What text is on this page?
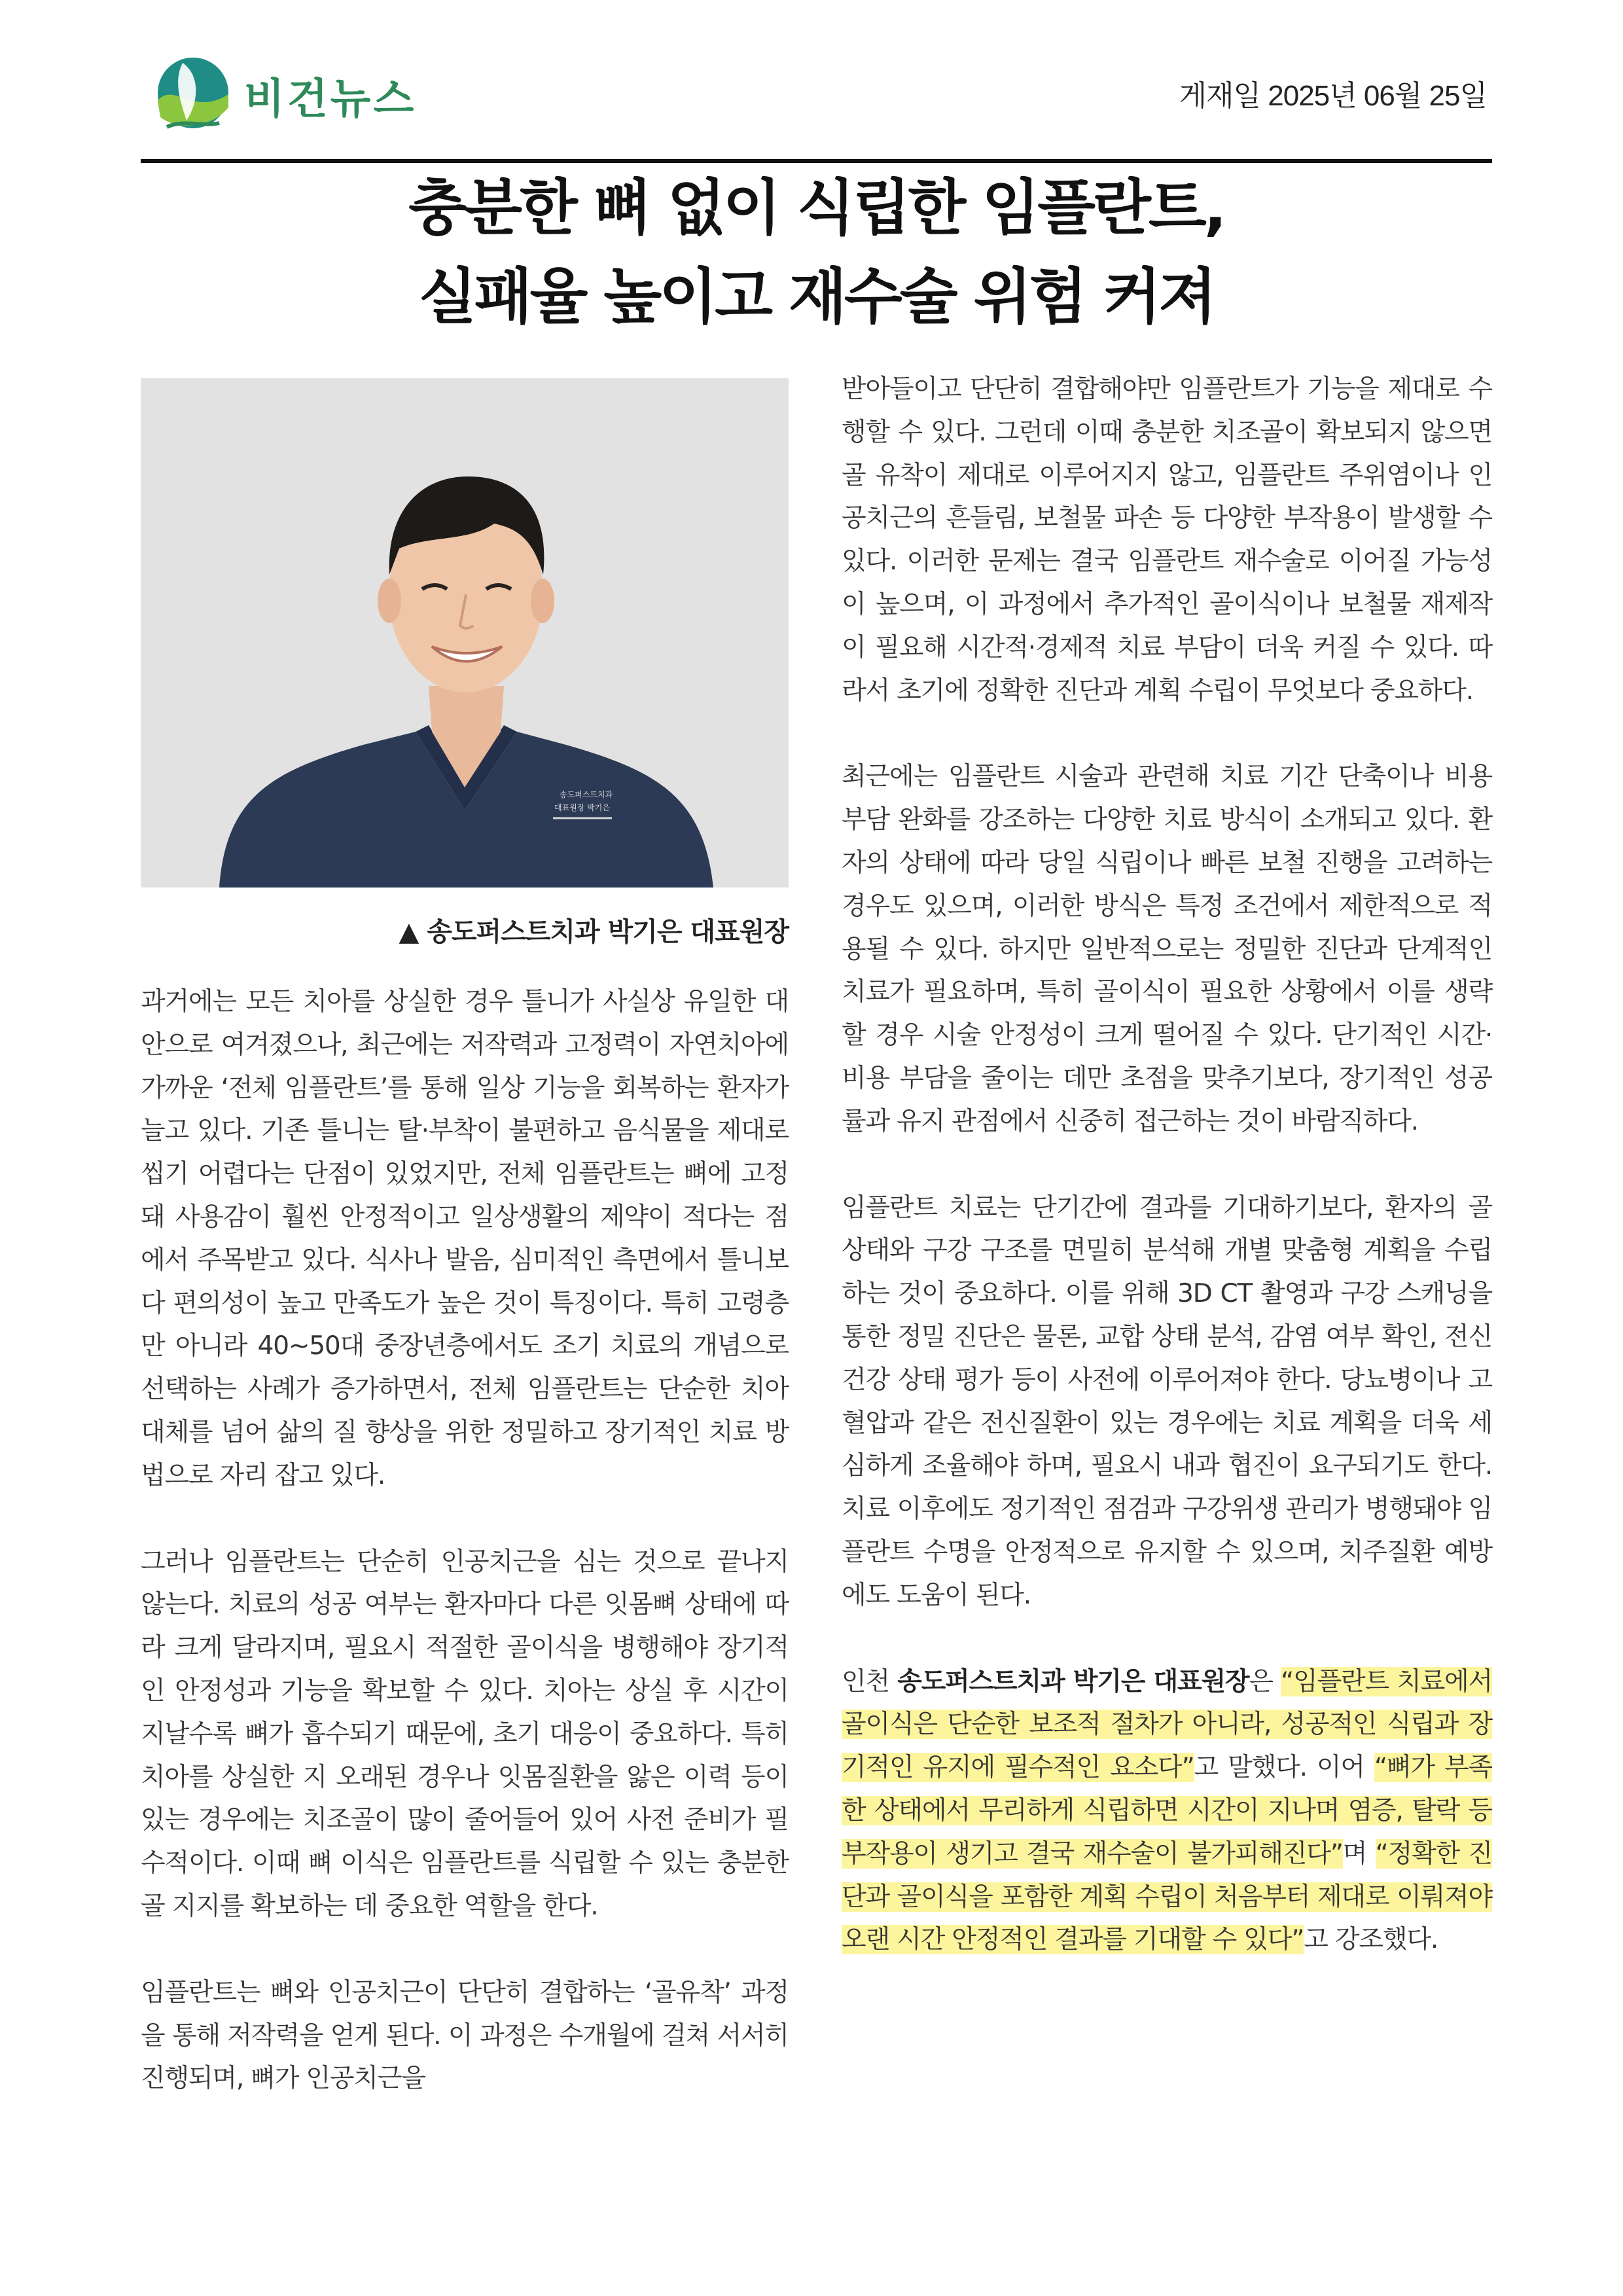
비건뉴스	게재일 2025년 06월 25일
충분한 뼈 없이 식립한 임플란트,
실패율 높이고 재수술 위험 커져
송도퍼스트치과
대표원장 박기은
▲ 송도퍼스트치과 박기은 대표원장

과거에는 모든 치아를 상실한 경우 틀니가 사실상 유일한 대안으로 여겨졌으나, 최근에는 저작력과 고정력이 자연치아에 가까운 ‘전체 임플란트’를 통해 일상 기능을 회복하는 환자가 늘고 있다. 기존 틀니는 탈·부착이 불편하고 음식물을 제대로 씹기 어렵다는 단점이 있었지만, 전체 임플란트는 뼈에 고정돼 사용감이 훨씬 안정적이고 일상생활의 제약이 적다는 점에서 주목받고 있다. 식사나 발음, 심미적인 측면에서 틀니보다 편의성이 높고 만족도가 높은 것이 특징이다. 특히 고령층만 아니라 40~50대 중장년층에서도 조기 치료의 개념으로 선택하는 사례가 증가하면서, 전체 임플란트는 단순한 치아 대체를 넘어 삶의 질 향상을 위한 정밀하고 장기적인 치료 방법으로 자리 잡고 있다.

그러나 임플란트는 단순히 인공치근을 심는 것으로 끝나지 않는다. 치료의 성공 여부는 환자마다 다른 잇몸뼈 상태에 따라 크게 달라지며, 필요시 적절한 골이식을 병행해야 장기적인 안정성과 기능을 확보할 수 있다. 치아는 상실 후 시간이 지날수록 뼈가 흡수되기 때문에, 초기 대응이 중요하다. 특히 치아를 상실한 지 오래된 경우나 잇몸질환을 앓은 이력 등이 있는 경우에는 치조골이 많이 줄어들어 있어 사전 준비가 필수적이다. 이때 뼈 이식은 임플란트를 식립할 수 있는 충분한 골 지지를 확보하는 데 중요한 역할을 한다.

임플란트는 뼈와 인공치근이 단단히 결합하는 ‘골유착’ 과정을 통해 저작력을 얻게 된다. 이 과정은 수개월에 걸쳐 서서히 진행되며, 뼈가 인공치근을

받아들이고 단단히 결합해야만 임플란트가 기능을 제대로 수행할 수 있다. 그런데 이때 충분한 치조골이 확보되지 않으면 골 유착이 제대로 이루어지지 않고, 임플란트 주위염이나 인공치근의 흔들림, 보철물 파손 등 다양한 부작용이 발생할 수 있다. 이러한 문제는 결국 임플란트 재수술로 이어질 가능성이 높으며, 이 과정에서 추가적인 골이식이나 보철물 재제작이 필요해 시간적·경제적 치료 부담이 더욱 커질 수 있다. 따라서 초기에 정확한 진단과 계획 수립이 무엇보다 중요하다.

최근에는 임플란트 시술과 관련해 치료 기간 단축이나 비용 부담 완화를 강조하는 다양한 치료 방식이 소개되고 있다. 환자의 상태에 따라 당일 식립이나 빠른 보철 진행을 고려하는 경우도 있으며, 이러한 방식은 특정 조건에서 제한적으로 적용될 수 있다. 하지만 일반적으로는 정밀한 진단과 단계적인 치료가 필요하며, 특히 골이식이 필요한 상황에서 이를 생략할 경우 시술 안정성이 크게 떨어질 수 있다. 단기적인 시간·비용 부담을 줄이는 데만 초점을 맞추기보다, 장기적인 성공률과 유지 관점에서 신중히 접근하는 것이 바람직하다.

임플란트 치료는 단기간에 결과를 기대하기보다, 환자의 골 상태와 구강 구조를 면밀히 분석해 개별 맞춤형 계획을 수립하는 것이 중요하다. 이를 위해 3D CT 촬영과 구강 스캐닝을 통한 정밀 진단은 물론, 교합 상태 분석, 감염 여부 확인, 전신 건강 상태 평가 등이 사전에 이루어져야 한다. 당뇨병이나 고혈압과 같은 전신질환이 있는 경우에는 치료 계획을 더욱 세심하게 조율해야 하며, 필요시 내과 협진이 요구되기도 한다. 치료 이후에도 정기적인 점검과 구강위생 관리가 병행돼야 임플란트 수명을 안정적으로 유지할 수 있으며, 치주질환 예방에도 도움이 된다.

인천 송도퍼스트치과 박기은 대표원장은 “임플란트 치료에서 골이식은 단순한 보조적 절차가 아니라, 성공적인 식립과 장기적인 유지에 필수적인 요소다”고 말했다. 이어 “뼈가 부족한 상태에서 무리하게 식립하면 시간이 지나며 염증, 탈락 등 부작용이 생기고 결국 재수술이 불가피해진다”며 “정확한 진단과 골이식을 포함한 계획 수립이 처음부터 제대로 이뤄져야 오랜 시간 안정적인 결과를 기대할 수 있다”고 강조했다.
